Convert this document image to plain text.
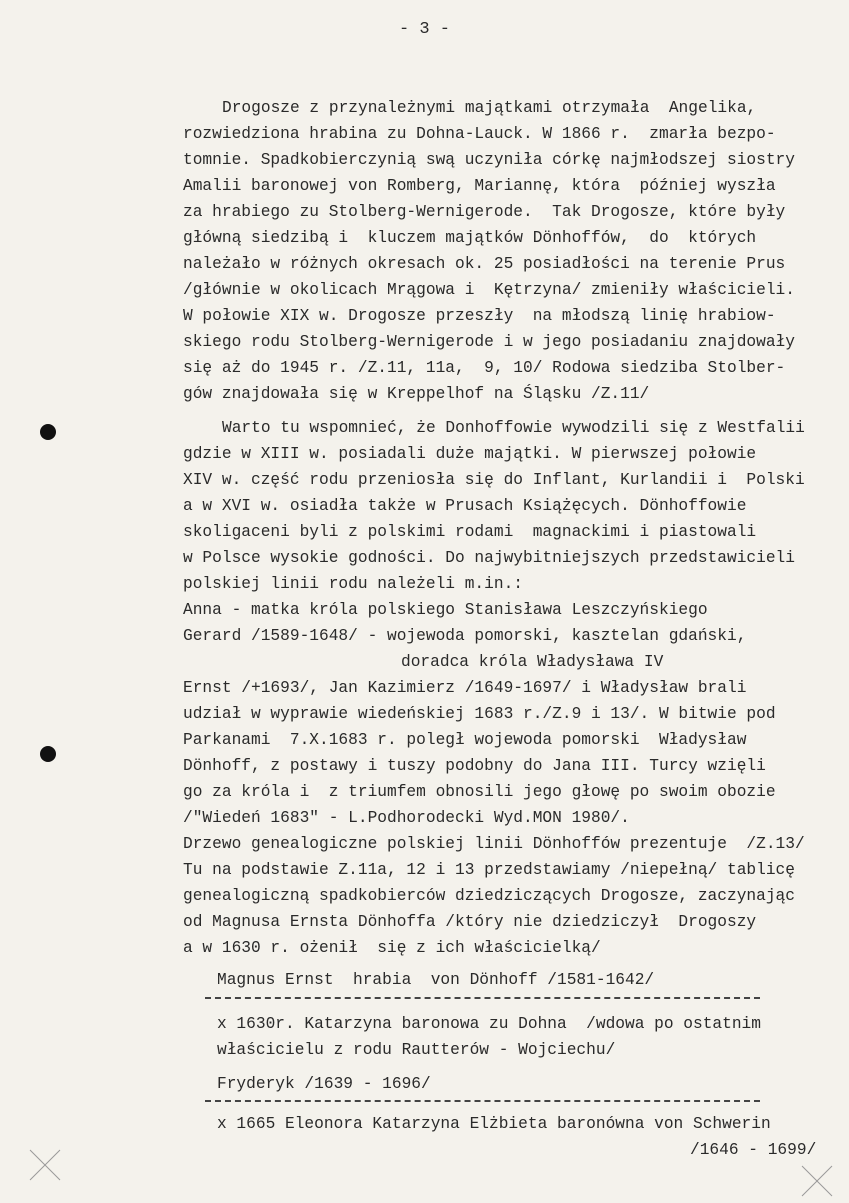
- 3 -
Drogosze z przynależnymi majątkami otrzymała  Angelika,
rozwiedziona hrabina zu Dohna-Lauck. W 1866 r.  zmarła bezpo-
tomnie. Spadkobierczynią swą uczyniła córkę najmłodszej siostry
Amalii baronowej von Romberg, Mariannę, która  później wyszła
za hrabiego zu Stolberg-Wernigerode.  Tak Drogosze, które były
główną siedzibą i  kluczem majątków Dönhoffów,  do  których
należało w różnych okresach ok. 25 posiadłości na terenie Prus
/głównie w okolicach Mrągowa i  Kętrzyna/ zmieniły właścicieli.
W połowie XIX w. Drogosze przeszły  na młodszą linię hrabiow-
skiego rodu Stolberg-Wernigerode i w jego posiadaniu znajdowały
się aż do 1945 r. /Z.11, 11a,  9, 10/ Rodowa siedziba Stolber-
gów znajdowała się w Kreppelhof na Śląsku /Z.11/
Warto tu wspomnieć, że Donhoffowie wywodzili się z Westfalii
gdzie w XIII w. posiadali duże majątki. W pierwszej połowie
XIV w. część rodu przeniosła się do Inflant, Kurlandii i  Polski
a w XVI w. osiadła także w Prusach Książęcych. Dönhoffowie
skoligaceni byli z polskimi rodami  magnackimi i piastowali
w Polsce wysokie godności. Do najwybitniejszych przedstawicieli
polskiej linii rodu należeli m.in.:
Anna - matka króla polskiego Stanisława Leszczyńskiego
Gerard /1589-1648/ - wojewoda pomorski, kasztelan gdański,
doradca króla Władysława IV
Ernst /+1693/, Jan Kazimierz /1649-1697/ i Władysław brali
udział w wyprawie wiedeńskiej 1683 r./Z.9 i 13/. W bitwie pod
Parkanami  7.X.1683 r. poległ wojewoda pomorski  Władysław
Dönhoff, z postawy i tuszy podobny do Jana III. Turcy wzięli
go za króla i  z triumfem obnosili jego głowę po swoim obozie
/"Wiedeń 1683" - L.Podhorodecki Wyd.MON 1980/.
Drzewo genealogiczne polskiej linii Dönhoffów prezentuje  /Z.13/
Tu na podstawie Z.11a, 12 i 13 przedstawiamy /niepełną/ tablicę
genealogiczną spadkobierców dziedziczących Drogosze, zaczynając
od Magnusa Ernsta Dönhoffa /który nie dziedziczył  Drogoszy
a w 1630 r. ożenił  się z ich właścicielką/
Magnus Ernst  hrabia  von Dönhoff /1581-1642/
x 1630r. Katarzyna baronowa zu Dohna  /wdowa po ostatnim
właścicielu z rodu Rautterów - Wojciechu/
Fryderyk /1639 - 1696/
x 1665 Eleonora Katarzyna Elżbieta baronówna von Schwerin
/1646 - 1699/
